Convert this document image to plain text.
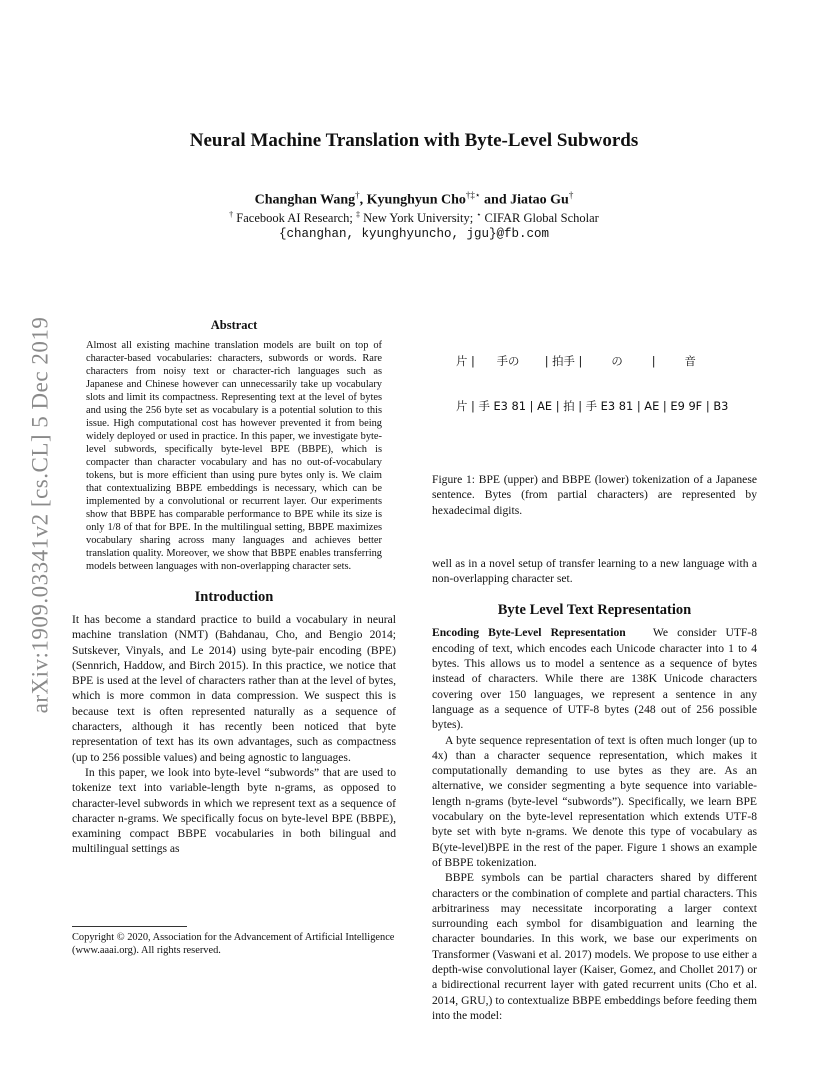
arXiv:1909.03341v2 [cs.CL] 5 Dec 2019
Neural Machine Translation with Byte-Level Subwords
Changhan Wang†, Kyunghyun Cho†‡⋆ and Jiatao Gu†
† Facebook AI Research; ‡ New York University; ⋆ CIFAR Global Scholar
{changhan, kyunghyuncho, jgu}@fb.com
Abstract

Almost all existing machine translation models are built on top of character-based vocabularies: characters, subwords or words. Rare characters from noisy text or character-rich languages such as Japanese and Chinese however can unnecessarily take up vocabulary slots and limit its compactness. Representing text at the level of bytes and using the 256 byte set as vocabulary is a potential solution to this issue. High computational cost has however prevented it from being widely deployed or used in practice. In this paper, we investigate byte-level subwords, specifically byte-level BPE (BBPE), which is compacter than character vocabulary and has no out-of-vocabulary tokens, but is more efficient than using pure bytes only is. We claim that contextualizing BBPE embeddings is necessary, which can be implemented by a convolutional or recurrent layer. Our experiments show that BBPE has comparable performance to BPE while its size is only 1/8 of that for BPE. In the multilingual setting, BBPE maximizes vocabulary sharing across many languages and achieves better translation quality. Moreover, we show that BBPE enables transferring models between languages with non-overlapping character sets.

Introduction

It has become a standard practice to build a vocabulary in neural machine translation (NMT) (Bahdanau, Cho, and Bengio 2014; Sutskever, Vinyals, and Le 2014) using byte-pair encoding (BPE) (Sennrich, Haddow, and Birch 2015). In this practice, we notice that BPE is used at the level of characters rather than at the level of bytes, which is more common in data compression. We suspect this is because text is often represented naturally as a sequence of characters, although it has recently been noticed that byte representation of text has its own advantages, such as compactness (up to 256 possible values) and being agnostic to languages.

In this paper, we look into byte-level “subwords” that are used to tokenize text into variable-length byte n-grams, as opposed to character-level subwords in which we represent text as a sequence of character n-grams. We specifically focus on byte-level BPE (BBPE), examining compact BBPE vocabularies in both bilingual and multilingual settings as

Copyright © 2020, Association for the Advancement of Artificial Intelligence (www.aaai.org). All rights reserved.

片 |      手の       | 拍手 |        の        |        音

片 | 手 E3 81 | AE | 拍 | 手 E3 81 | AE | E9 9F | B3

Figure 1: BPE (upper) and BBPE (lower) tokenization of a Japanese sentence. Bytes (from partial characters) are represented by hexadecimal digits.

well as in a novel setup of transfer learning to a new language with a non-overlapping character set.

Byte Level Text Representation

Encoding Byte-Level Representation We consider UTF-8 encoding of text, which encodes each Unicode character into 1 to 4 bytes. This allows us to model a sentence as a sequence of bytes instead of characters. While there are 138K Unicode characters covering over 150 languages, we represent a sentence in any language as a sequence of UTF-8 bytes (248 out of 256 possible bytes).

A byte sequence representation of text is often much longer (up to 4x) than a character sequence representation, which makes it computationally demanding to use bytes as they are. As an alternative, we consider segmenting a byte sequence into variable-length n-grams (byte-level “subwords”). Specifically, we learn BPE vocabulary on the byte-level representation which extends UTF-8 byte set with byte n-grams. We denote this type of vocabulary as B(yte-level)BPE in the rest of the paper. Figure 1 shows an example of BBPE tokenization.

BBPE symbols can be partial characters shared by different characters or the combination of complete and partial characters. This arbitrariness may necessitate incorporating a larger context surrounding each symbol for disambiguation and learning the character boundaries. In this work, we base our experiments on Transformer (Vaswani et al. 2017) models. We propose to use either a depth-wise convolutional layer (Kaiser, Gomez, and Chollet 2017) or a bidirectional recurrent layer with gated recurrent units (Cho et al. 2014, GRU,) to contextualize BBPE embeddings before feeding them into the model:
